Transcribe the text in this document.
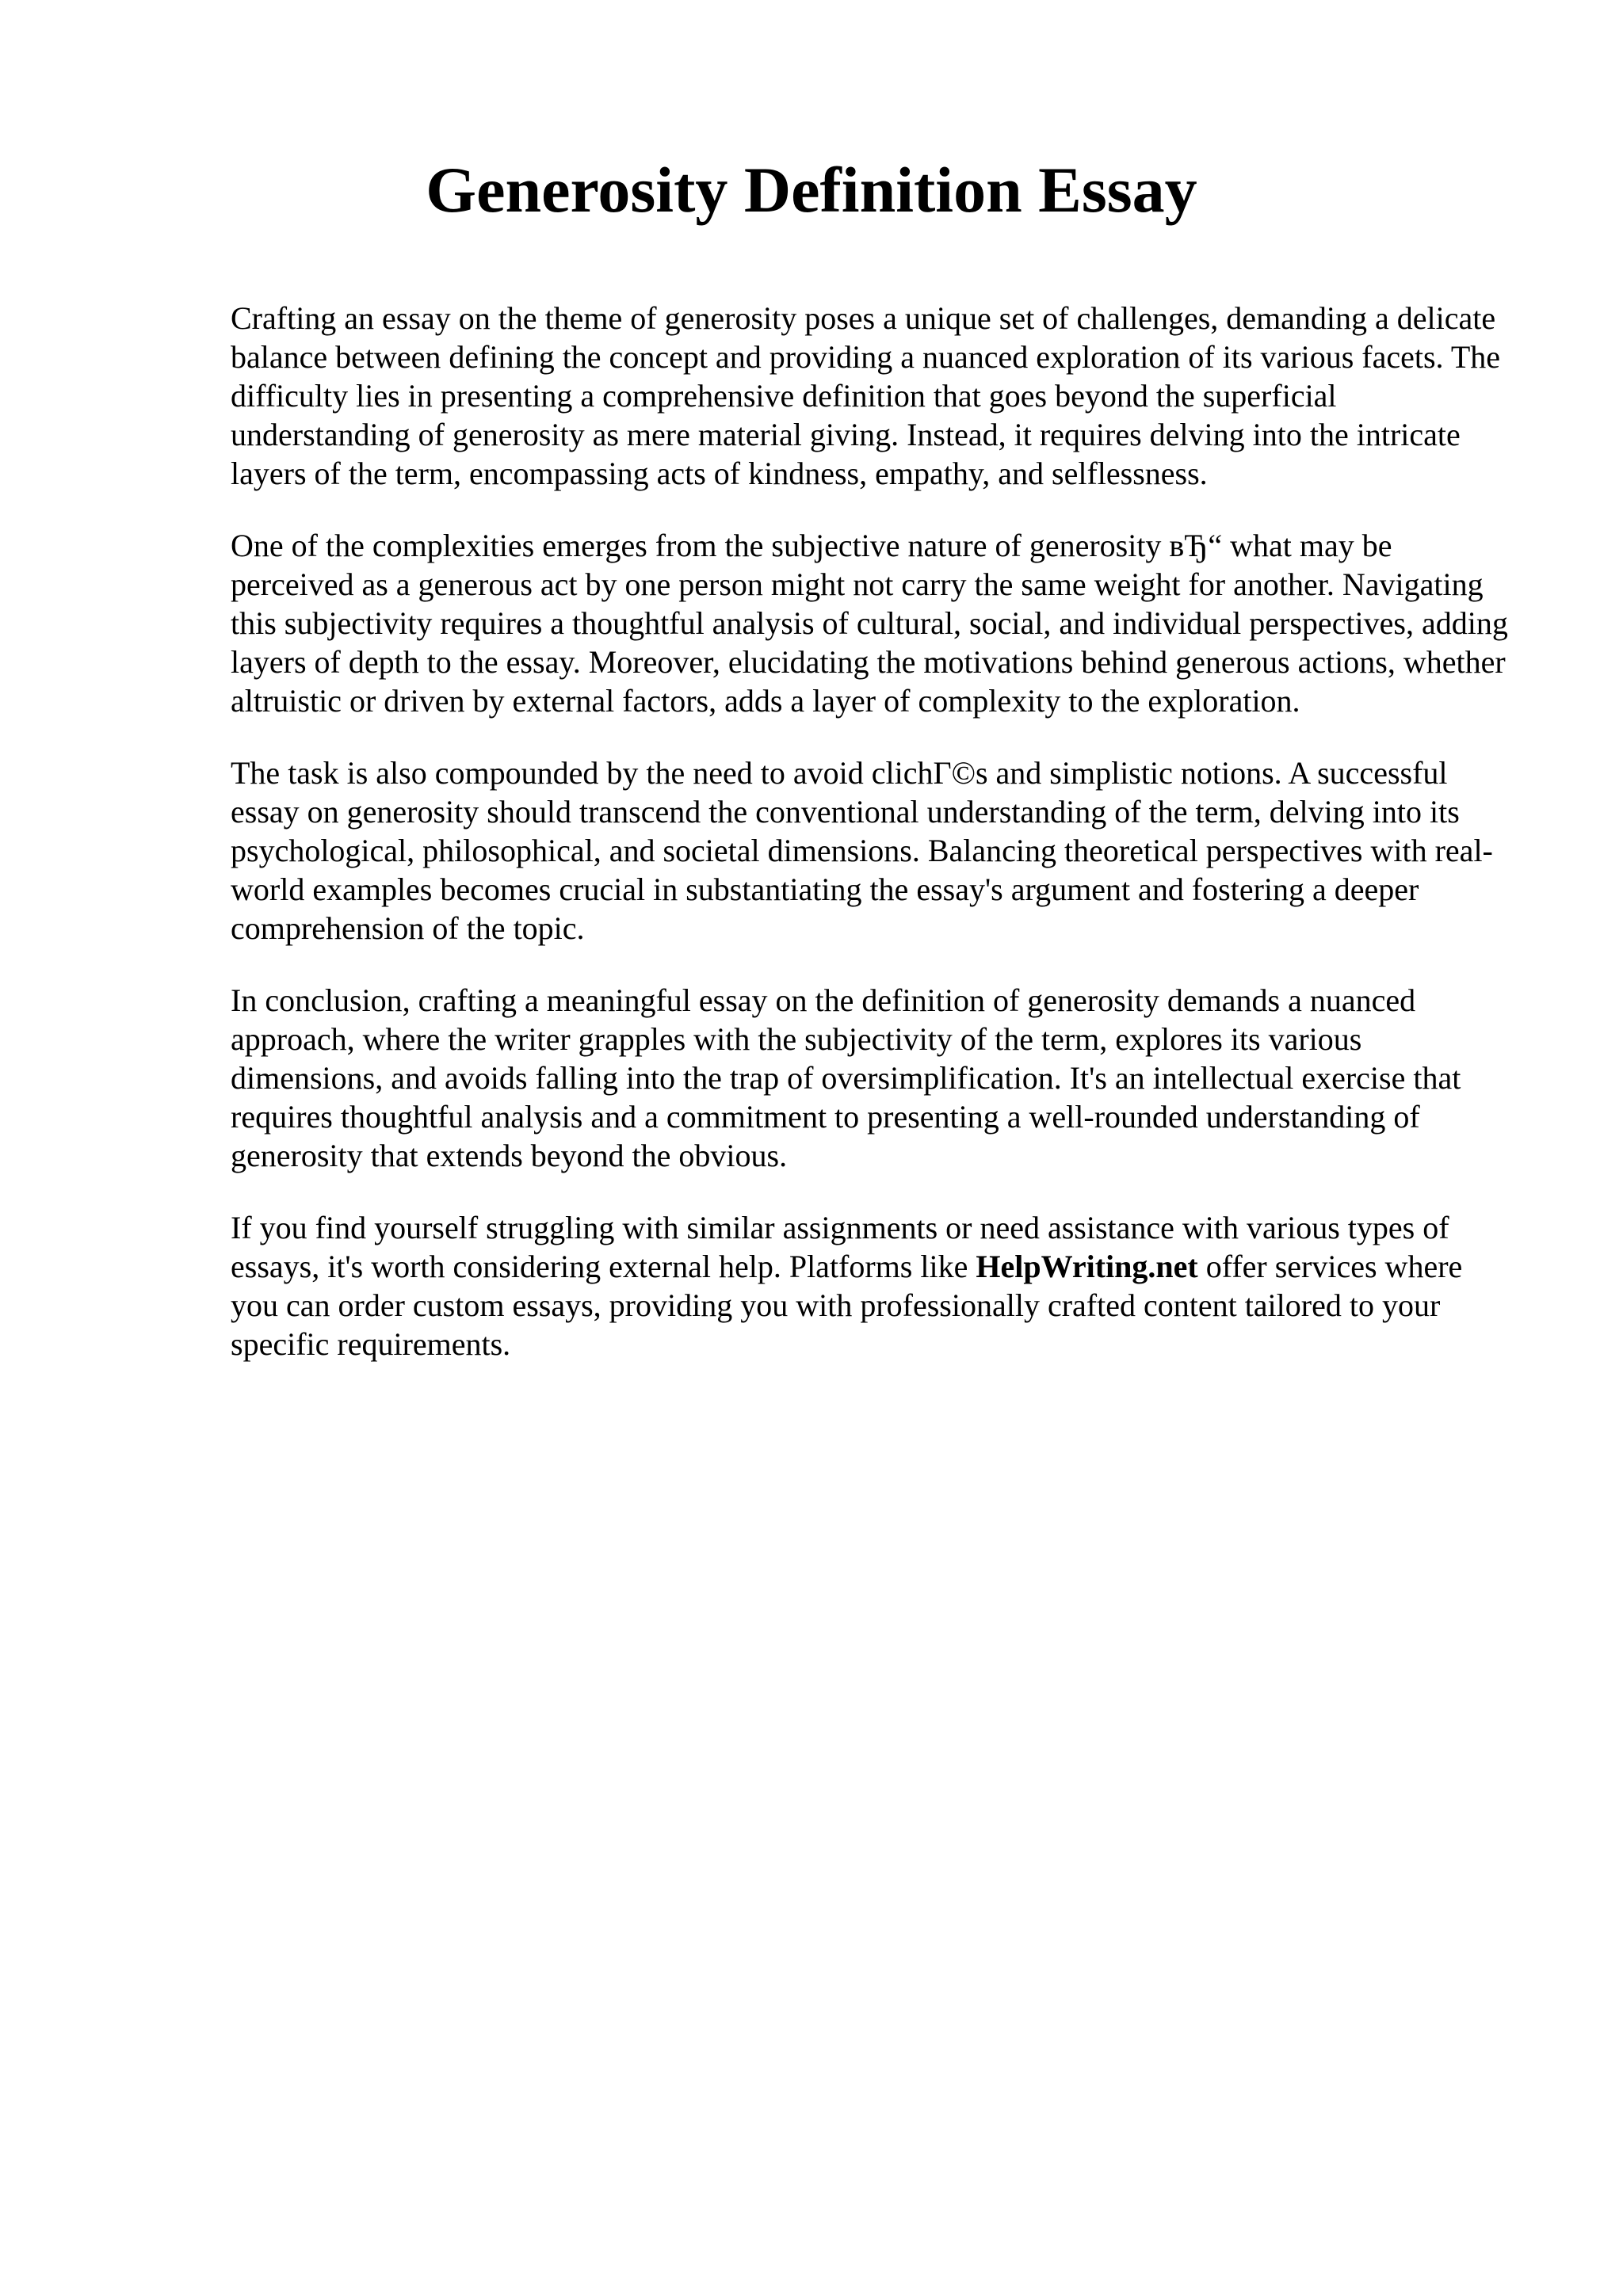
Generosity Definition Essay

Crafting an essay on the theme of generosity poses a unique set of challenges, demanding a delicate balance between defining the concept and providing a nuanced exploration of its various facets. The difficulty lies in presenting a comprehensive definition that goes beyond the superficial understanding of generosity as mere material giving. Instead, it requires delving into the intricate layers of the term, encompassing acts of kindness, empathy, and selflessness.

One of the complexities emerges from the subjective nature of generosity вЂ“ what may be perceived as a generous act by one person might not carry the same weight for another. Navigating this subjectivity requires a thoughtful analysis of cultural, social, and individual perspectives, adding layers of depth to the essay. Moreover, elucidating the motivations behind generous actions, whether altruistic or driven by external factors, adds a layer of complexity to the exploration.

The task is also compounded by the need to avoid clichГ©s and simplistic notions. A successful essay on generosity should transcend the conventional understanding of the term, delving into its psychological, philosophical, and societal dimensions. Balancing theoretical perspectives with real-world examples becomes crucial in substantiating the essay's argument and fostering a deeper comprehension of the topic.

In conclusion, crafting a meaningful essay on the definition of generosity demands a nuanced approach, where the writer grapples with the subjectivity of the term, explores its various dimensions, and avoids falling into the trap of oversimplification. It's an intellectual exercise that requires thoughtful analysis and a commitment to presenting a well-rounded understanding of generosity that extends beyond the obvious.

If you find yourself struggling with similar assignments or need assistance with various types of essays, it's worth considering external help. Platforms like HelpWriting.net offer services where you can order custom essays, providing you with professionally crafted content tailored to your specific requirements.
